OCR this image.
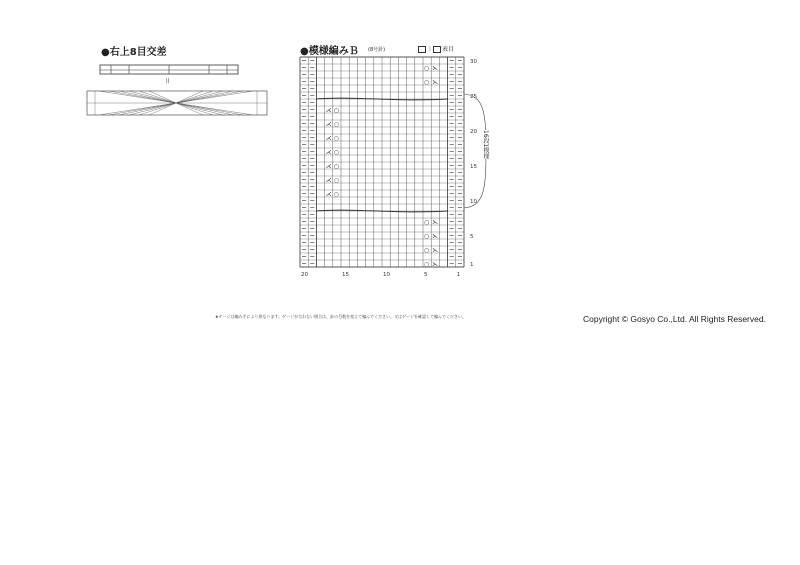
●右上8目交差
||
●模様編みＢ (8号針)	｜ 表目
○ ⋋
○ ⋋
⋌ ○
⋌ ○
⋌ ○
⋌ ○
⋌ ○
⋌ ○
⋌ ○
○ ⋋
○ ⋋
○ ⋋
○ ⋋
30
25
20
15
10
5
1
20	15	10	5	1
16段1模様
★ゲージは編み手により異なります。ゲージが合わない場合は、針の号数を変えて編んでください。又はゲージを確認して編んでください。	Copyright © Gosyo Co.,Ltd. All Rights Reserved.
